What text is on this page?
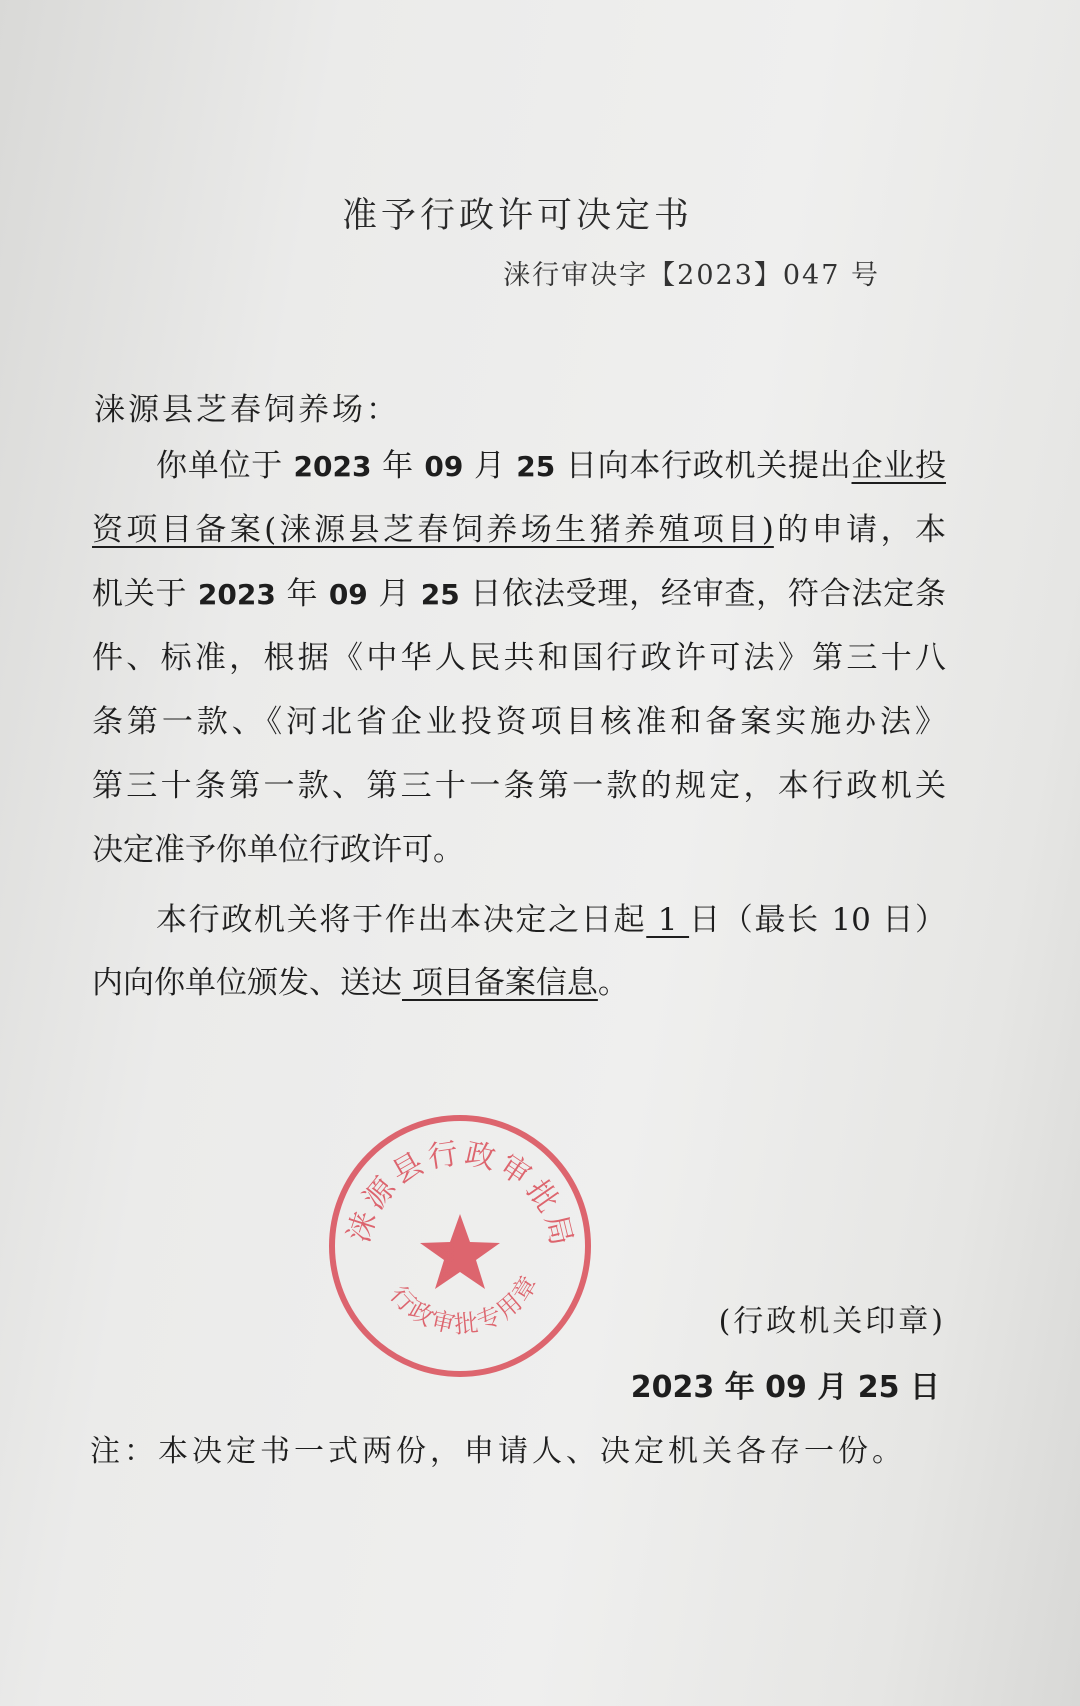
准予行政许可决定书
涞行审决字【2023】047 号
涞源县芝春饲养场：
你单位于 2023 年 09 月 25 日向本行政机关提出企业投
资项目备案(涞源县芝春饲养场生猪养殖项目)的申请，本
机关于 2023 年 09 月 25 日依法受理，经审查，符合法定条
件、标准，根据《中华人民共和国行政许可法》第三十八
条第一款、《河北省企业投资项目核准和备案实施办法》
第三十条第一款、第三十一条第一款的规定，本行政机关
决定准予你单位行政许可。
本行政机关将于作出本决定之日起 1 日（最长 10 日）
内向你单位颁发、送达 项目备案信息。
涞源县行政审批局
行政审批专用章
(行政机关印章)
2023 年 09 月 25 日
注：本决定书一式两份，申请人、决定机关各存一份。
